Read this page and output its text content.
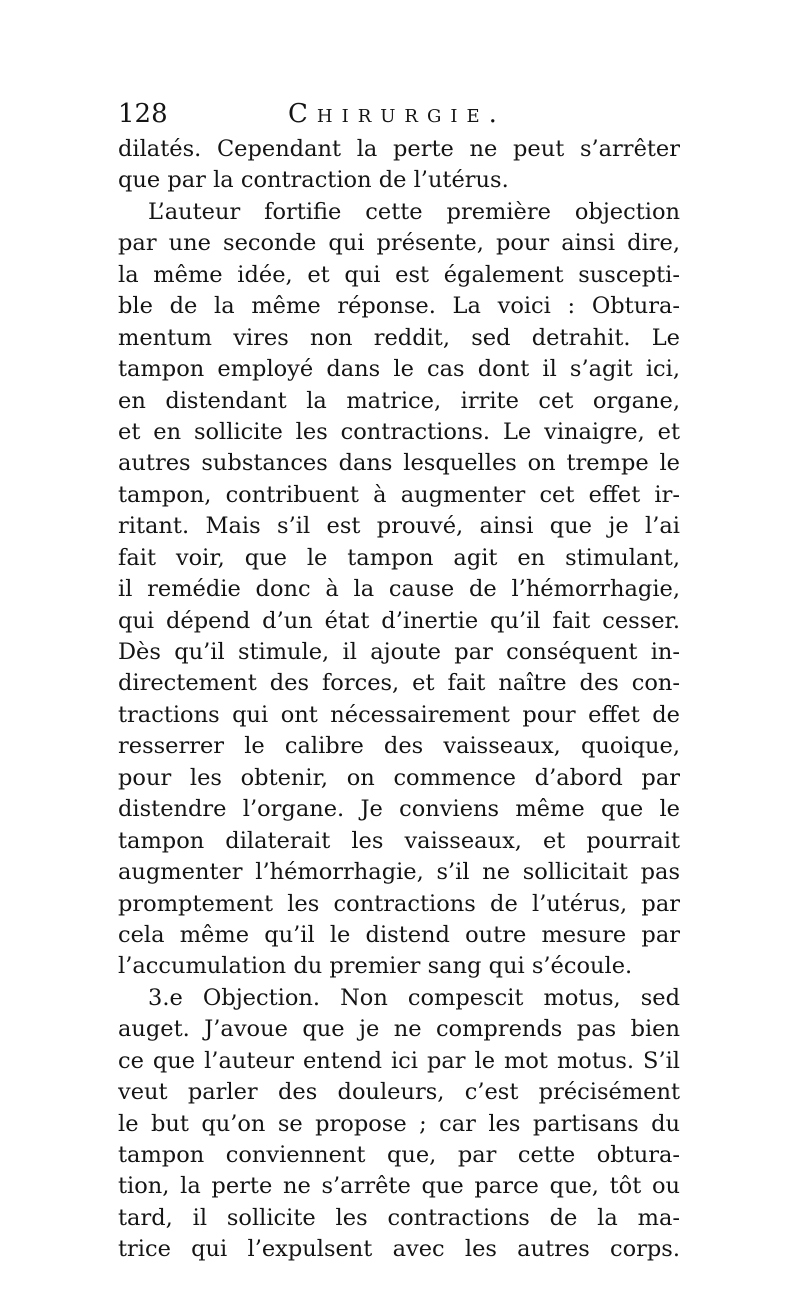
128	Chirurgie.
dilatés. Cependant la perte ne peut s’arrêter
que par la contraction de l’utérus.
L’auteur fortifie cette première objection
par une seconde qui présente, pour ainsi dire,
la même idée, et qui est également suscepti-
ble de la même réponse. La voici : Obtura-
mentum vires non reddit, sed detrahit. Le
tampon employé dans le cas dont il s’agit ici,
en distendant la matrice, irrite cet organe,
et en sollicite les contractions. Le vinaigre, et
autres substances dans lesquelles on trempe le
tampon, contribuent à augmenter cet effet ir-
ritant. Mais s’il est prouvé, ainsi que je l’ai
fait voir, que le tampon agit en stimulant,
il remédie donc à la cause de l’hémorrhagie,
qui dépend d’un état d’inertie qu’il fait cesser.
Dès qu’il stimule, il ajoute par conséquent in-
directement des forces, et fait naître des con-
tractions qui ont nécessairement pour effet de
resserrer le calibre des vaisseaux, quoique,
pour les obtenir, on commence d’abord par
distendre l’organe. Je conviens même que le
tampon dilaterait les vaisseaux, et pourrait
augmenter l’hémorrhagie, s’il ne sollicitait pas
promptement les contractions de l’utérus, par
cela même qu’il le distend outre mesure par
l’accumulation du premier sang qui s’écoule.
3.e Objection. Non compescit motus, sed
auget. J’avoue que je ne comprends pas bien
ce que l’auteur entend ici par le mot motus. S’il
veut parler des douleurs, c’est précisément
le but qu’on se propose ; car les partisans du
tampon conviennent que, par cette obtura-
tion, la perte ne s’arrête que parce que, tôt ou
tard, il sollicite les contractions de la ma-
trice qui l’expulsent avec les autres corps.
